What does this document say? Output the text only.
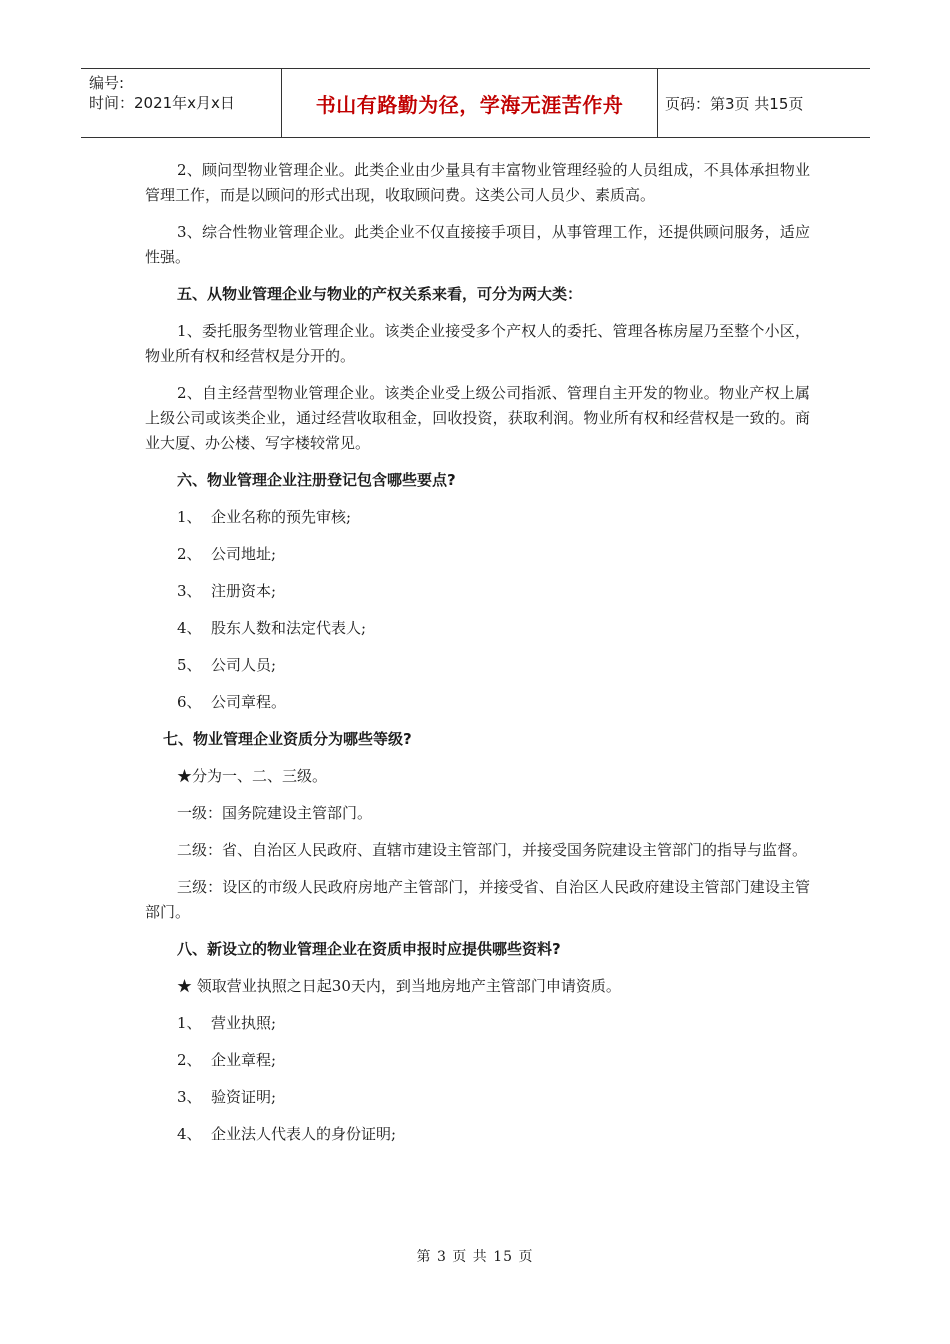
编号:
时间：2021年x月x日	书山有路勤为径，学海无涯苦作舟	页码：第3页 共15页

2、顾问型物业管理企业。此类企业由少量具有丰富物业管理经验的人员组成，不具体承担物业管理工作，而是以顾问的形式出现，收取顾问费。这类公司人员少、素质高。

3、综合性物业管理企业。此类企业不仅直接接手项目，从事管理工作，还提供顾问服务，适应性强。

五、从物业管理企业与物业的产权关系来看，可分为两大类：

1、委托服务型物业管理企业。该类企业接受多个产权人的委托、管理各栋房屋乃至整个小区，物业所有权和经营权是分开的。

2、自主经营型物业管理企业。该类企业受上级公司指派、管理自主开发的物业。物业产权上属上级公司或该类企业，通过经营收取租金，回收投资，获取利润。物业所有权和经营权是一致的。商业大厦、办公楼、写字楼较常见。

六、物业管理企业注册登记包含哪些要点?

1、 企业名称的预先审核;
2、 公司地址;
3、 注册资本;
4、 股东人数和法定代表人;
5、 公司人员;
6、 公司章程。

七、物业管理企业资质分为哪些等级?

★分为一、二、三级。

一级：国务院建设主管部门。

二级：省、自治区人民政府、直辖市建设主管部门，并接受国务院建设主管部门的指导与监督。

三级：设区的市级人民政府房地产主管部门，并接受省、自治区人民政府建设主管部门建设主管部门。

八、新设立的物业管理企业在资质申报时应提供哪些资料?

★ 领取营业执照之日起30天内，到当地房地产主管部门申请资质。

1、 营业执照;
2、 企业章程;
3、 验资证明;
4、 企业法人代表人的身份证明;
第 3 页 共 15 页
